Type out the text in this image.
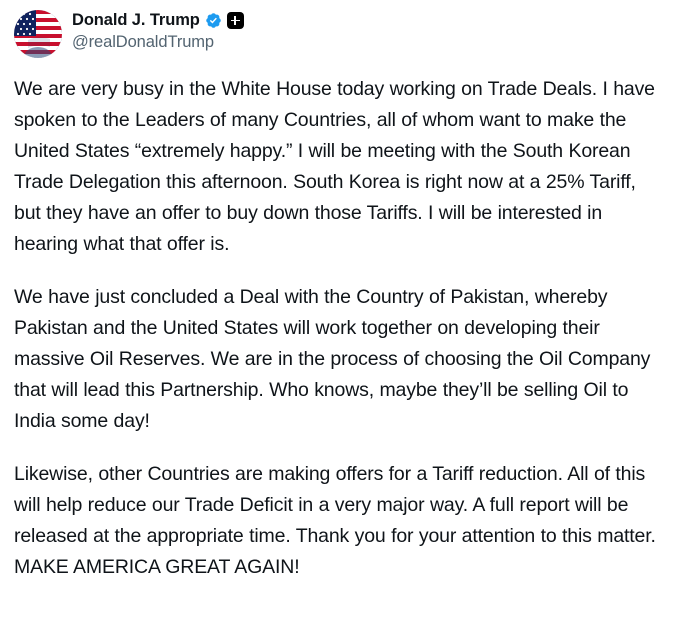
Donald J. Trump
@realDonaldTrump

We are very busy in the White House today working on Trade Deals. I have spoken to the Leaders of many Countries, all of whom want to make the United States “extremely happy.” I will be meeting with the South Korean Trade Delegation this afternoon. South Korea is right now at a 25% Tariff, but they have an offer to buy down those Tariffs. I will be interested in hearing what that offer is.

We have just concluded a Deal with the Country of Pakistan, whereby Pakistan and the United States will work together on developing their massive Oil Reserves. We are in the process of choosing the Oil Company that will lead this Partnership. Who knows, maybe they’ll be selling Oil to India some day!

Likewise, other Countries are making offers for a Tariff reduction. All of this will help reduce our Trade Deficit in a very major way. A full report will be released at the appropriate time. Thank you for your attention to this matter. MAKE AMERICA GREAT AGAIN!
